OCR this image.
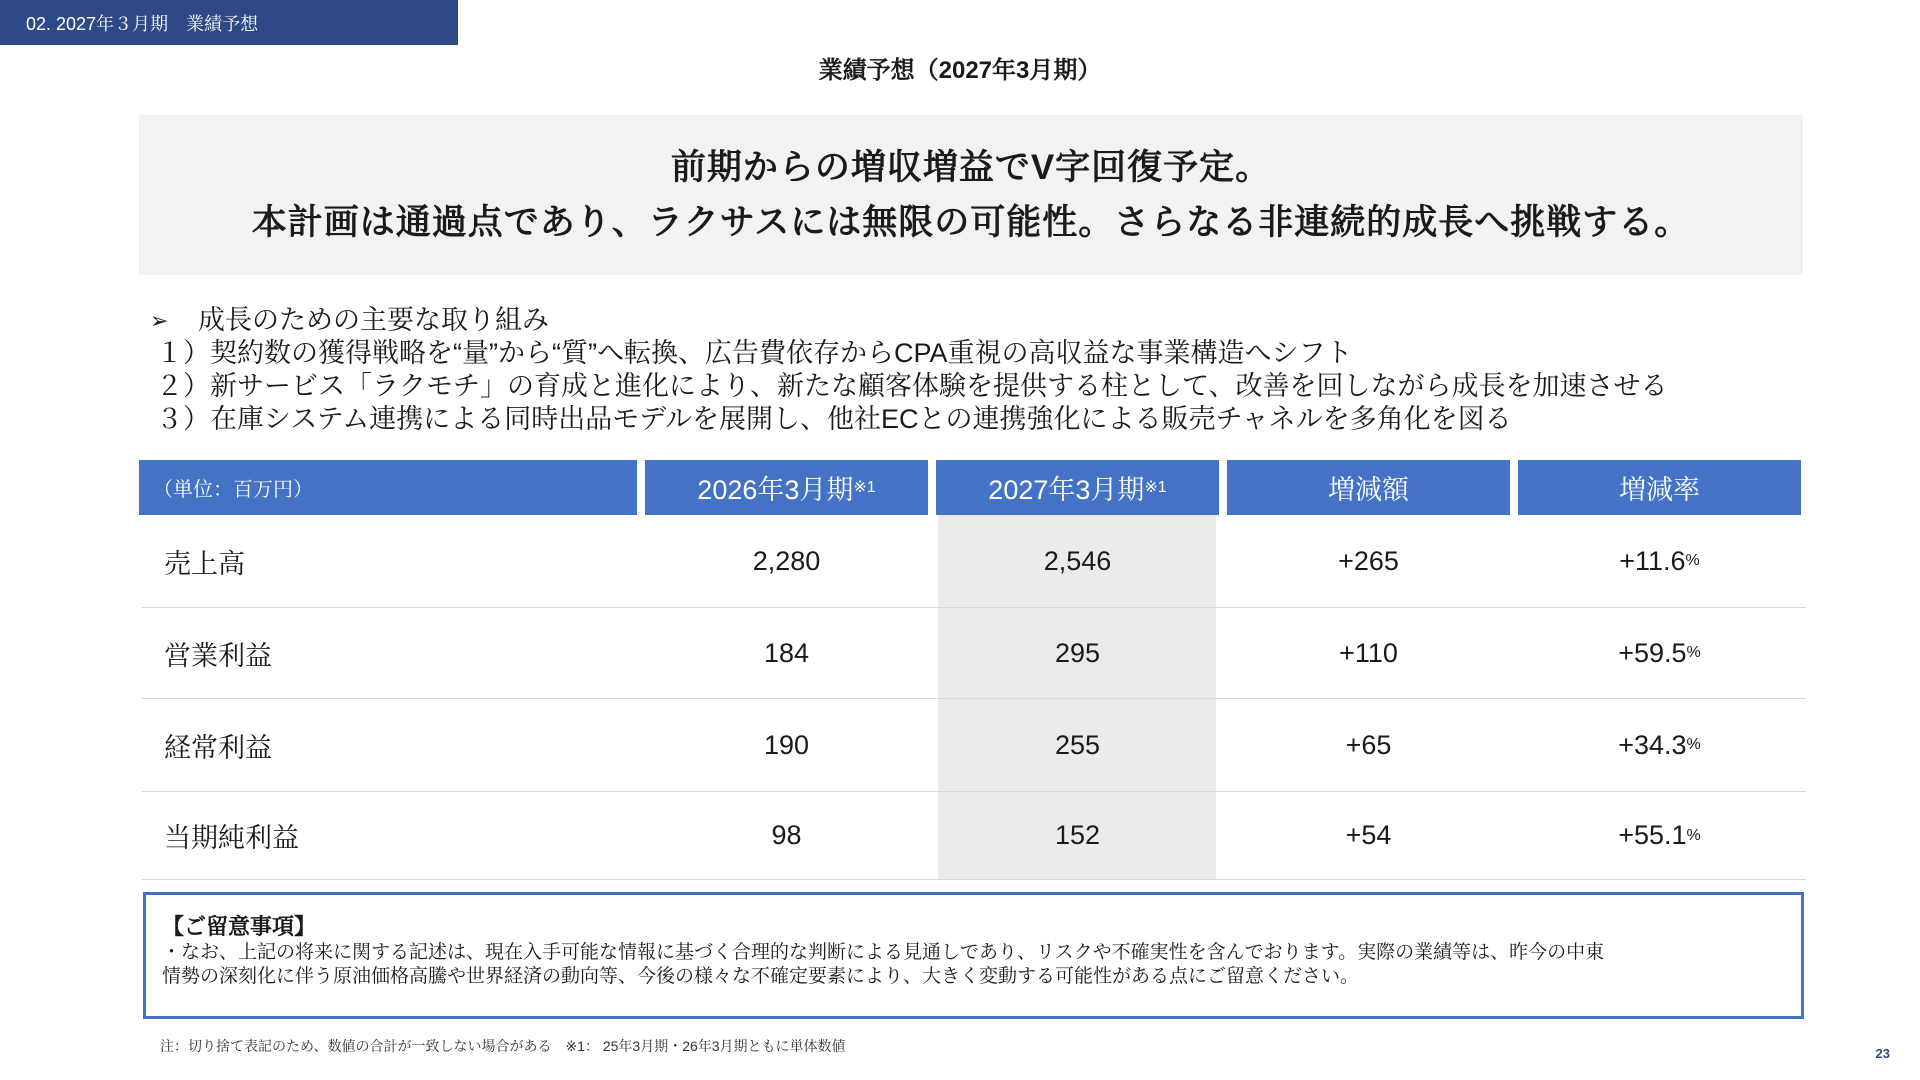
02. 2027年３月期　業績予想
業績予想（2027年3月期）
前期からの増収増益でV字回復予定。
本計画は通過点であり、ラクサスには無限の可能性。さらなる非連続的成長へ挑戦する。
➢	成長のための主要な取り組み
１）契約数の獲得戦略を“量”から“質”へ転換、広告費依存からCPA重視の高収益な事業構造へシフト
２）新サービス「ラクモチ」の育成と進化により、新たな顧客体験を提供する柱として、改善を回しながら成長を加速させる
３）在庫システム連携による同時出品モデルを展開し、他社ECとの連携強化による販売チャネルを多角化を図る
（単位：百万円）	2026年3月期 ※1	2027年3月期 ※1	増減額	増減率
売上高	2,280	2,546	+265	+11.6 %
営業利益	184	295	+110	+59.5 %
経常利益	190	255	+65	+34.3 %
当期純利益	98	152	+54	+55.1 %
【ご留意事項】
・なお、上記の将来に関する記述は、現在入手可能な情報に基づく合理的な判断による見通しであり、リスクや不確実性を含んでおります。実際の業績等は、昨今の中東
情勢の深刻化に伴う原油価格高騰や世界経済の動向等、今後の様々な不確定要素により、大きく変動する可能性がある点にご留意ください。
注：切り捨て表記のため、数値の合計が一致しない場合がある　※1： 25年3月期・26年3月期ともに単体数値	23
